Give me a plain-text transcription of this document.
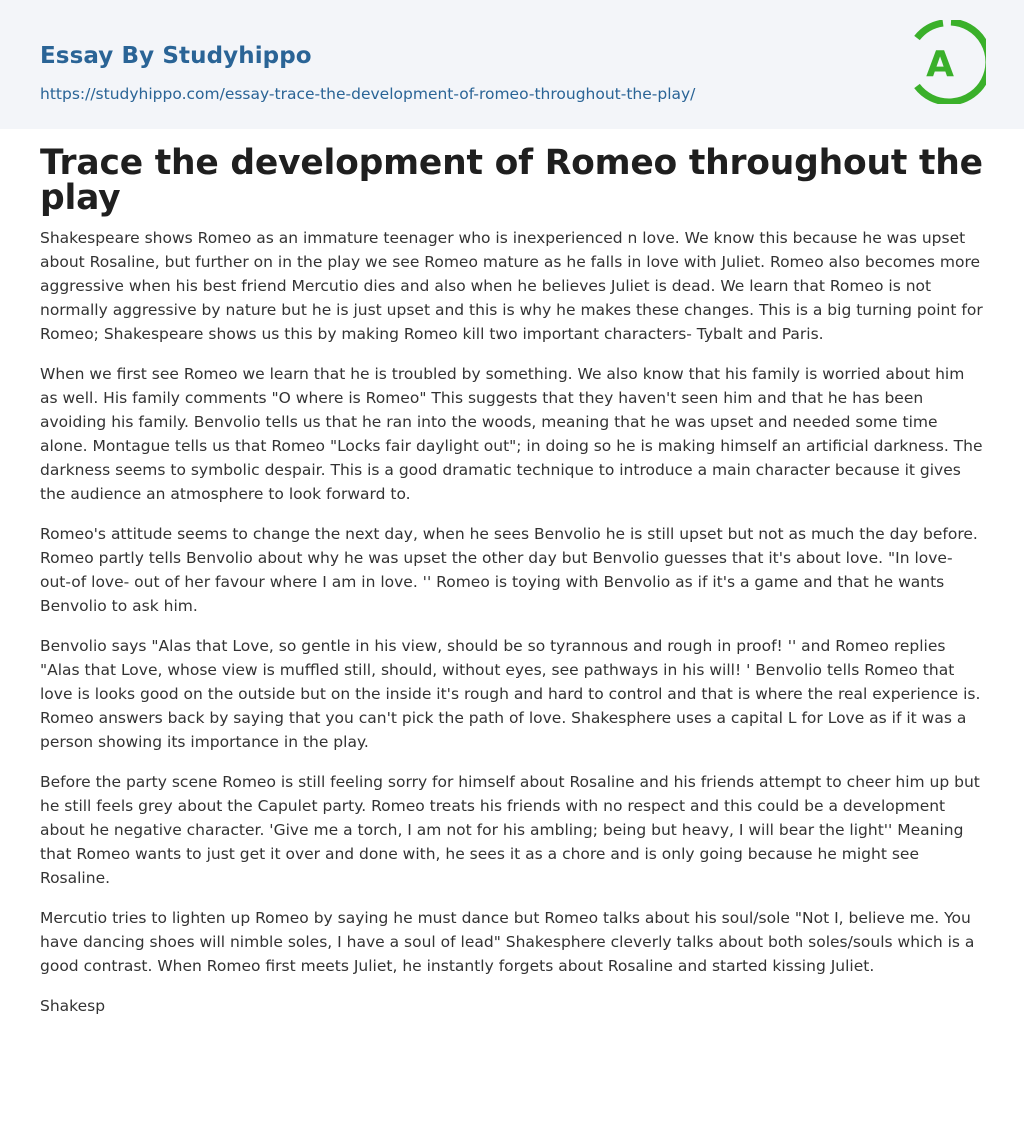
Essay By Studyhippo
https://studyhippo.com/essay-trace-the-development-of-romeo-throughout-the-play/
A
Trace the development of Romeo throughout the play

Shakespeare shows Romeo as an immature teenager who is inexperienced n love. We know this because he was upset about Rosaline, but further on in the play we see Romeo mature as he falls in love with Juliet. Romeo also becomes more aggressive when his best friend Mercutio dies and also when he believes Juliet is dead. We learn that Romeo is not normally aggressive by nature but he is just upset and this is why he makes these changes. This is a big turning point for Romeo; Shakespeare shows us this by making Romeo kill two important characters- Tybalt and Paris.

When we first see Romeo we learn that he is troubled by something. We also know that his family is worried about him as well. His family comments "O where is Romeo" This suggests that they haven't seen him and that he has been avoiding his family. Benvolio tells us that he ran into the woods, meaning that he was upset and needed some time alone. Montague tells us that Romeo "Locks fair daylight out"; in doing so he is making himself an artificial darkness. The darkness seems to symbolic despair. This is a good dramatic technique to introduce a main character because it gives the audience an atmosphere to look forward to.

Romeo's attitude seems to change the next day, when he sees Benvolio he is still upset but not as much the day before. Romeo partly tells Benvolio about why he was upset the other day but Benvolio guesses that it's about love. "In love- out-of love- out of her favour where I am in love. '' Romeo is toying with Benvolio as if it's a game and that he wants Benvolio to ask him.

Benvolio says "Alas that Love, so gentle in his view, should be so tyrannous and rough in proof! '' and Romeo replies "Alas that Love, whose view is muffled still, should, without eyes, see pathways in his will! ' Benvolio tells Romeo that love is looks good on the outside but on the inside it's rough and hard to control and that is where the real experience is. Romeo answers back by saying that you can't pick the path of love. Shakesphere uses a capital L for Love as if it was a person showing its importance in the play.

Before the party scene Romeo is still feeling sorry for himself about Rosaline and his friends attempt to cheer him up but he still feels grey about the Capulet party. Romeo treats his friends with no respect and this could be a development about he negative character. 'Give me a torch, I am not for his ambling; being but heavy, I will bear the light'' Meaning that Romeo wants to just get it over and done with, he sees it as a chore and is only going because he might see Rosaline.

Mercutio tries to lighten up Romeo by saying he must dance but Romeo talks about his soul/sole "Not I, believe me. You have dancing shoes will nimble soles, I have a soul of lead" Shakesphere cleverly talks about both soles/souls which is a good contrast. When Romeo first meets Juliet, he instantly forgets about Rosaline and started kissing Juliet.

Shakesp
